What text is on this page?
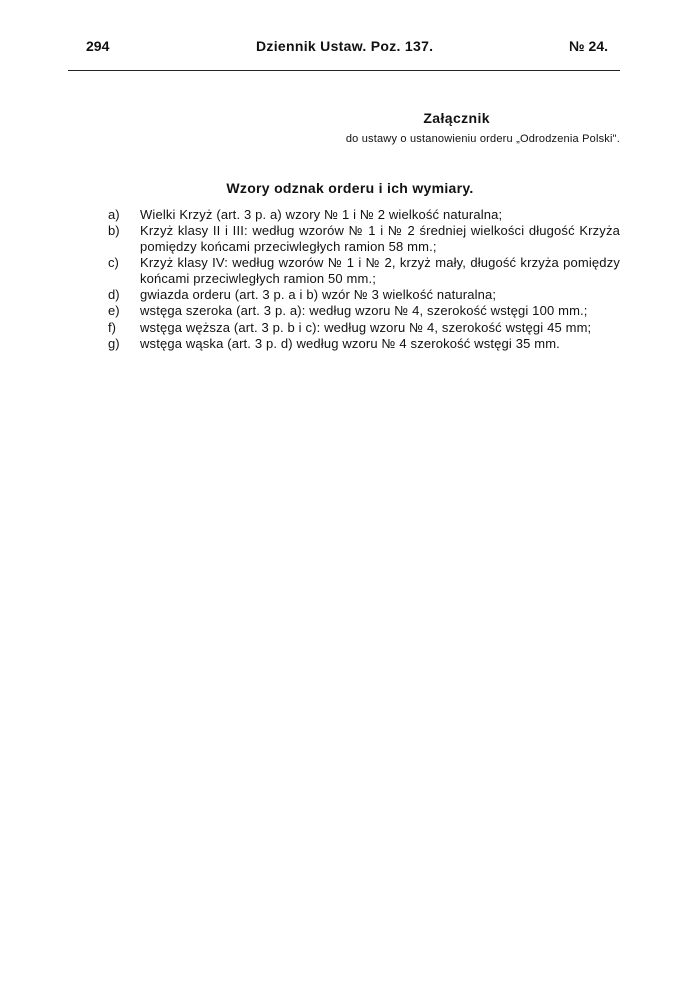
294	Dziennik Ustaw. Poz. 137.	№ 24.
Załącznik
do ustawy o ustanowieniu orderu „Odrodzenia Polski".
Wzory odznak orderu i ich wymiary.
a)	Wielki Krzyż (art. 3 p. a) wzory № 1 i № 2 wielkość naturalna;
b)	Krzyż klasy II i III: według wzorów № 1 i № 2 średniej wielkości długość Krzyża pomiędzy końcami przeciwległych ramion 58 mm.;
c)	Krzyż klasy IV: według wzorów № 1 i № 2, krzyż mały, długość krzyża pomiędzy końcami przeciwległych ramion 50 mm.;
d)	gwiazda orderu (art. 3 p. a i b) wzór № 3 wielkość naturalna;
e)	wstęga szeroka (art. 3 p. a): według wzoru № 4, szerokość wstęgi 100 mm.;
f)	wstęga węższa (art. 3 p. b i c): według wzoru № 4, szerokość wstęgi 45 mm;
g)	wstęga wąska (art. 3 p. d) według wzoru № 4 szerokość wstęgi 35 mm.
